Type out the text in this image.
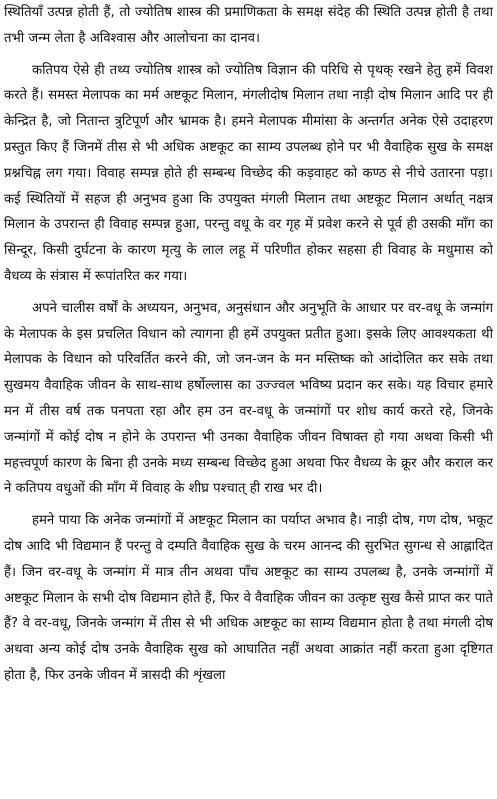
स्थितियाँ उत्पन्न होती हैं, तो ज्योतिष शास्त्र की प्रमाणिकता के समक्ष संदेह की स्थिति उत्पन्न होती है तथा तभी जन्म लेता है अविश्वास और आलोचना का दानव।

कतिपय ऐसे ही तथ्य ज्योतिष शास्त्र को ज्योतिष विज्ञान की परिधि से पृथक् रखने हेतु हमें विवश करते हैं। समस्त मेलापक का मर्म अष्टकूट मिलान, मंगलीदोष मिलान तथा नाड़ी दोष मिलान आदि पर ही केन्द्रित है, जो नितान्त त्रुटिपूर्ण और भ्रामक है। हमने मेलापक मीमांसा के अन्तर्गत अनेक ऐसे उदाहरण प्रस्तुत किए हैं जिनमें तीस से भी अधिक अष्टकूट का साम्य उपलब्ध होने पर भी वैवाहिक सुख के समक्ष प्रश्नचिह्न लग गया। विवाह सम्पन्न होते ही सम्बन्ध विच्छेद की कड़वाहट को कण्ठ से नीचे उतारना पड़ा। कई स्थितियों में सहज ही अनुभव हुआ कि उपयुक्त मंगली मिलान तथा अष्टकूट मिलान अर्थात् नक्षत्र मिलान के उपरान्त ही विवाह सम्पन्न हुआ, परन्तु वधू के वर गृह में प्रवेश करने से पूर्व ही उसकी माँग का सिन्दूर, किसी दुर्घटना के कारण मृत्यु के लाल लहू में परिणीत होकर सहसा ही विवाह के मधुमास को वैधव्य के संत्रास में रूपांतरित कर गया।

अपने चालीस वर्षों के अध्ययन, अनुभव, अनुसंधान और अनुभूति के आधार पर वर-वधू के जन्मांग के मेलापक के इस प्रचलित विधान को त्यागना ही हमें उपयुक्त प्रतीत हुआ। इसके लिए आवश्यकता थी मेलापक के विधान को परिवर्तित करने की, जो जन-जन के मन मस्तिष्क को आंदोलित कर सके तथा सुखमय वैवाहिक जीवन के साथ-साथ हर्षोल्लास का उज्ज्वल भविष्य प्रदान कर सके। यह विचार हमारे मन में तीस वर्ष तक पनपता रहा और हम उन वर-वधू के जन्मांगों पर शोध कार्य करते रहे, जिनके जन्मांगों में कोई दोष न होने के उपरान्त भी उनका वैवाहिक जीवन विषाक्त हो गया अथवा किसी भी महत्त्वपूर्ण कारण के बिना ही उनके मध्य सम्बन्ध विच्छेद हुआ अथवा फिर वैधव्य के क्रूर और कराल कर ने कतिपय वधुओं की माँग में विवाह के शीघ्र पश्चात् ही राख भर दी।

हमने पाया कि अनेक जन्मांगों में अष्टकूट मिलान का पर्याप्त अभाव है। नाड़ी दोष, गण दोष, भकूट दोष आदि भी विद्यमान हैं परन्तु वे दम्पति वैवाहिक सुख के चरम आनन्द की सुरभित सुगन्ध से आह्लादित हैं। जिन वर-वधू के जन्मांग में मात्र तीन अथवा पाँच अष्टकूट का साम्य उपलब्ध है, उनके जन्मांगों में अष्टकूट मिलान के सभी दोष विद्यमान होते हैं, फिर वे वैवाहिक जीवन का उत्कृष्ट सुख कैसे प्राप्त कर पाते हैं? वे वर-वधू, जिनके जन्मांग में तीस से भी अधिक अष्टकूट का साम्य विद्यमान होता है तथा मंगली दोष अथवा अन्य कोई दोष उनके वैवाहिक सुख को आघातित नहीं अथवा आक्रांत नहीं करता हुआ दृष्टिगत होता है, फिर उनके जीवन में त्रासदी की शृंखला
